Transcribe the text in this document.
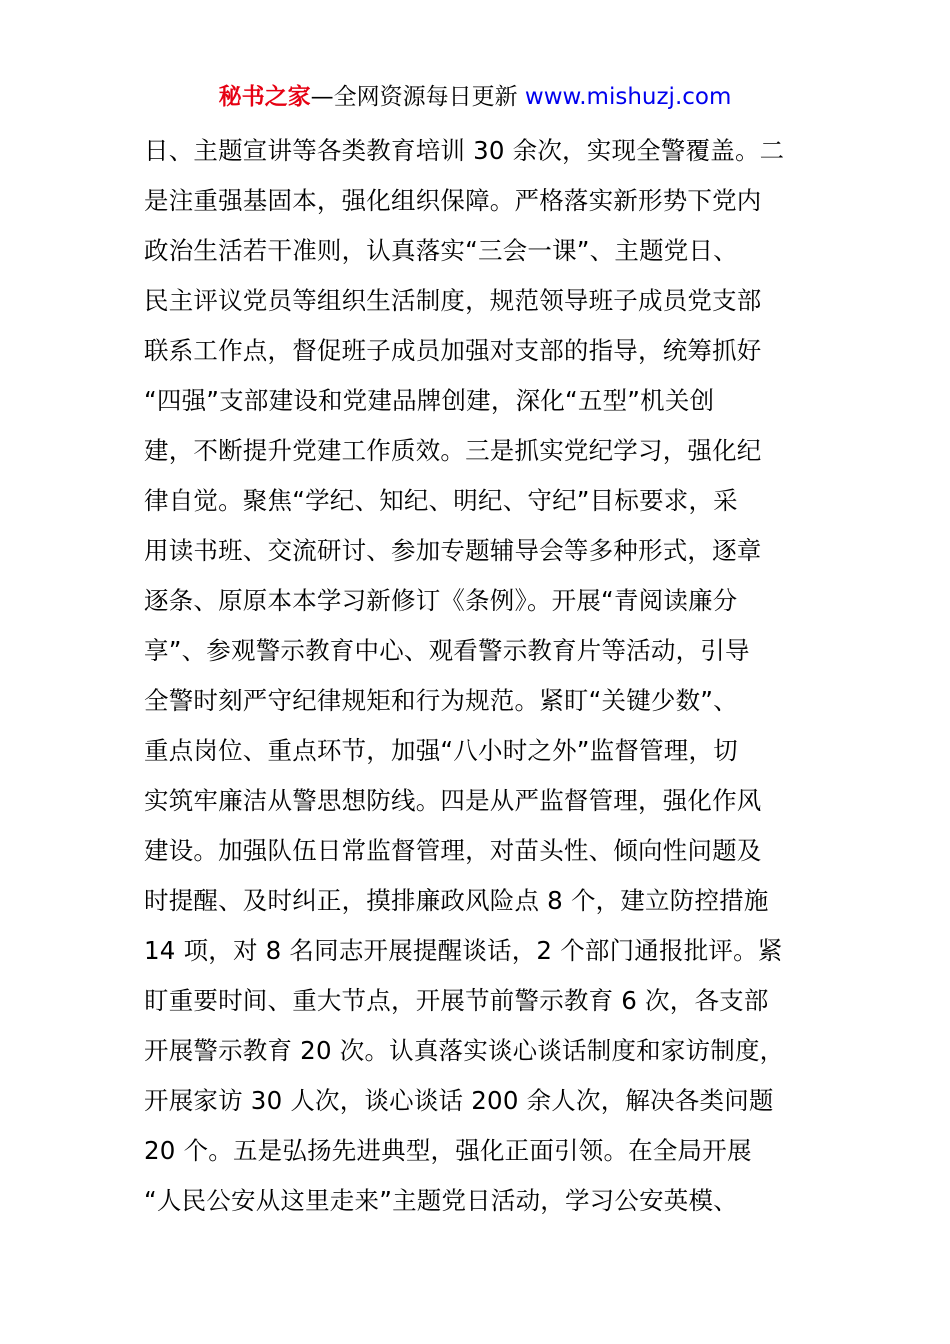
秘书之家—全网资源每日更新 www.mishuzj.com
日、主题宣讲等各类教育培训 30 余次，实现全警覆盖。二
是注重强基固本，强化组织保障。严格落实新形势下党内
政治生活若干准则，认真落实“三会一课”、主题党日、
民主评议党员等组织生活制度，规范领导班子成员党支部
联系工作点，督促班子成员加强对支部的指导，统筹抓好
“四强”支部建设和党建品牌创建，深化“五型”机关创
建，不断提升党建工作质效。三是抓实党纪学习，强化纪
律自觉。聚焦“学纪、知纪、明纪、守纪”目标要求，采
用读书班、交流研讨、参加专题辅导会等多种形式，逐章
逐条、原原本本学习新修订《条例》。开展“青阅读廉分
享”、参观警示教育中心、观看警示教育片等活动，引导
全警时刻严守纪律规矩和行为规范。紧盯“关键少数”、
重点岗位、重点环节，加强“八小时之外”监督管理，切
实筑牢廉洁从警思想防线。四是从严监督管理，强化作风
建设。加强队伍日常监督管理，对苗头性、倾向性问题及
时提醒、及时纠正，摸排廉政风险点 8 个，建立防控措施
14 项，对 8 名同志开展提醒谈话，2 个部门通报批评。紧
盯重要时间、重大节点，开展节前警示教育 6 次，各支部
开展警示教育 20 次。认真落实谈心谈话制度和家访制度，
开展家访 30 人次，谈心谈话 200 余人次，解决各类问题
20 个。五是弘扬先进典型，强化正面引领。在全局开展
“人民公安从这里走来”主题党日活动，学习公安英模、
